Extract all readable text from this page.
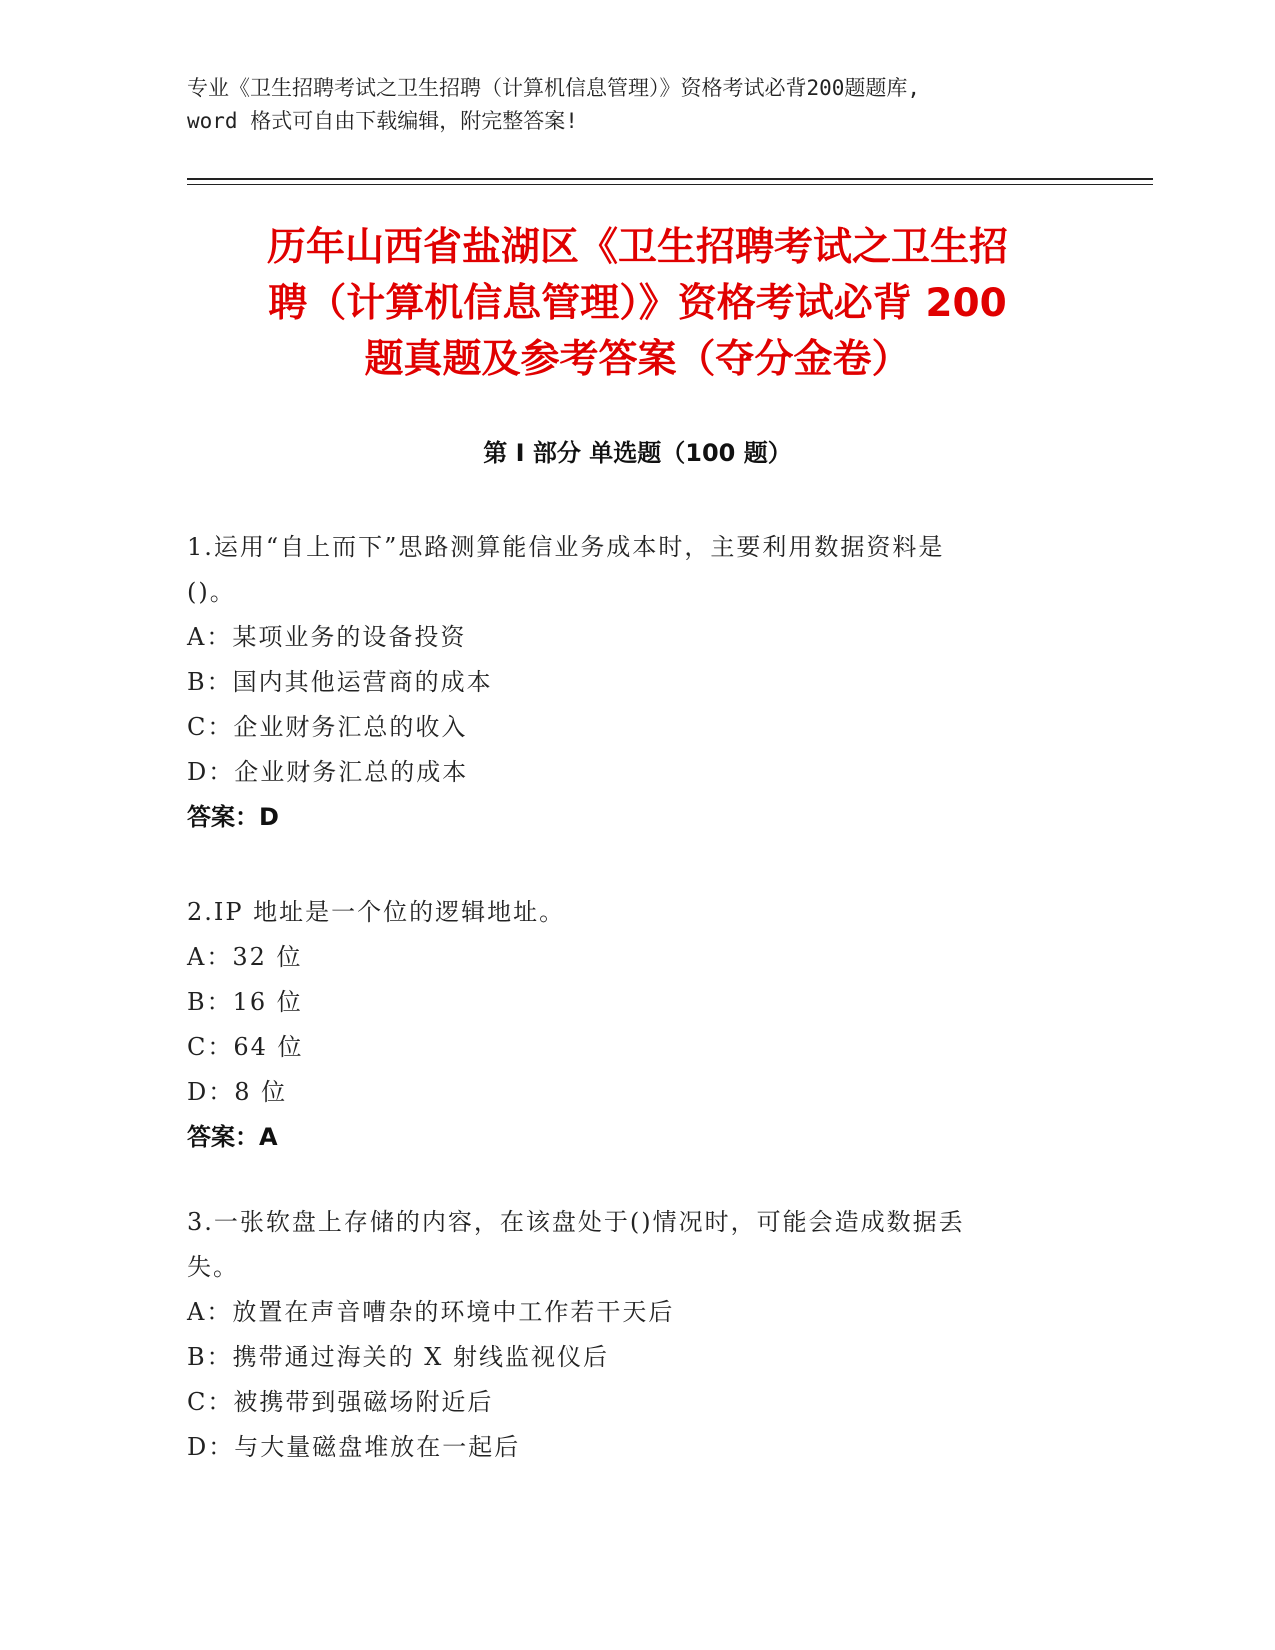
专业《卫生招聘考试之卫生招聘（计算机信息管理）》资格考试必背200题题库,
word 格式可自由下载编辑，附完整答案!
历年山西省盐湖区《卫生招聘考试之卫生招
聘（计算机信息管理）》资格考试必背 200
题真题及参考答案（夺分金卷）
第 I 部分 单选题（100 题）
1.运用“自上而下”思路测算能信业务成本时，主要利用数据资料是
()。
A：某项业务的设备投资
B：国内其他运营商的成本
C：企业财务汇总的收入
D：企业财务汇总的成本
答案：D
2.IP 地址是一个位的逻辑地址。
A：32 位
B：16 位
C：64 位
D：8 位
答案：A
3.一张软盘上存储的内容，在该盘处于()情况时，可能会造成数据丢
失。
A：放置在声音嘈杂的环境中工作若干天后
B：携带通过海关的 X 射线监视仪后
C：被携带到强磁场附近后
D：与大量磁盘堆放在一起后
